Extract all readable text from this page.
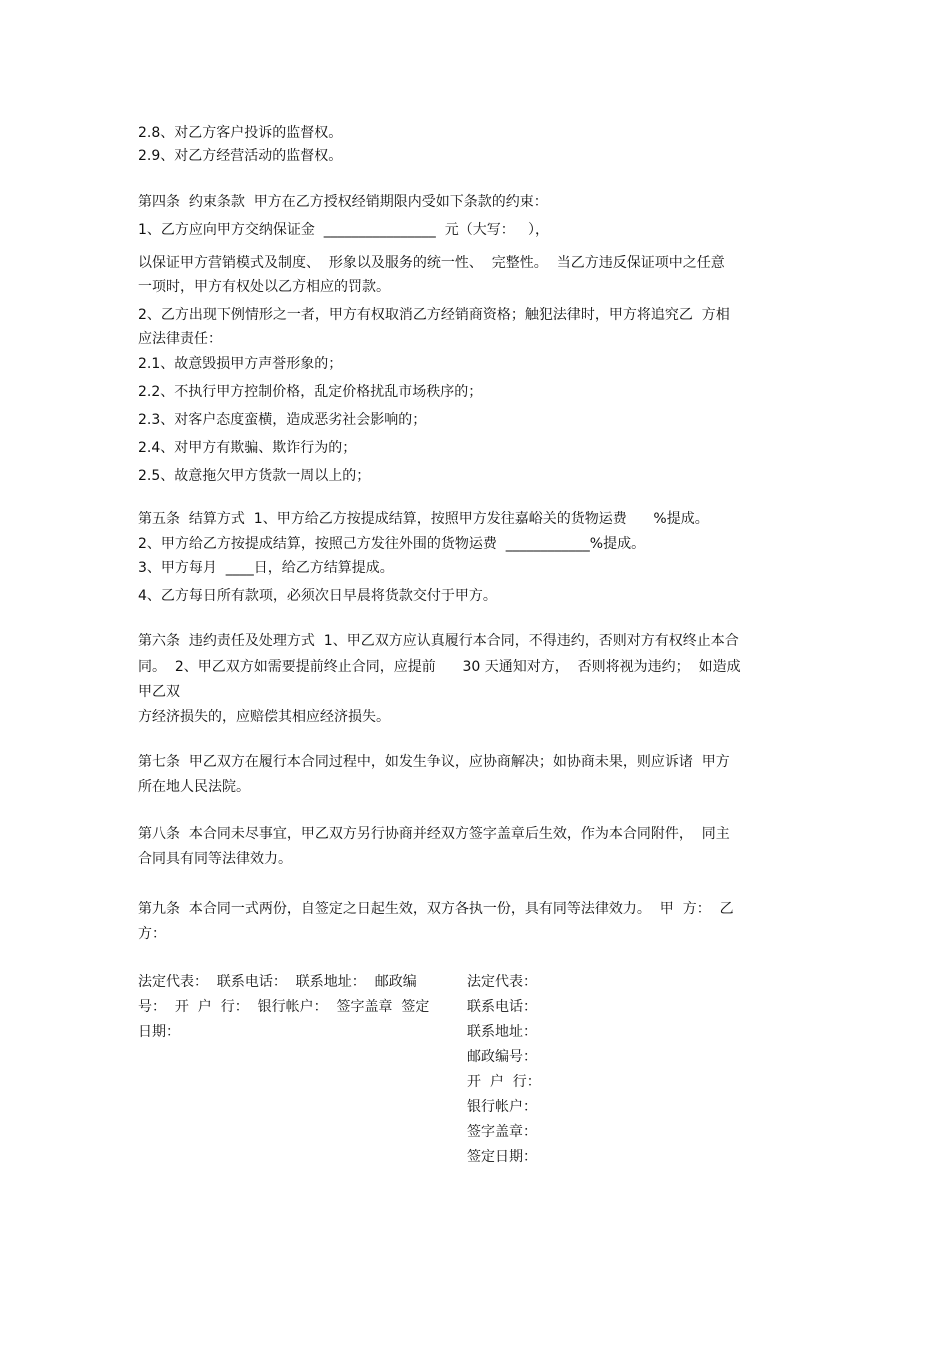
2.8、对乙方客户投诉的监督权。
2.9、对乙方经营活动的监督权。
第四条  约束条款  甲方在乙方授权经销期限内受如下条款的约束：
1、乙方应向甲方交纳保证金  ________________  元（大写：   ），
以保证甲方营销模式及制度、  形象以及服务的统一性、  完整性。  当乙方违反保证项中之任意
一项时，甲方有权处以乙方相应的罚款。
2、乙方出现下例情形之一者，甲方有权取消乙方经销商资格；触犯法律时，甲方将追究乙  方相
应法律责任：
2.1、故意毁损甲方声誉形象的；
2.2、不执行甲方控制价格，乱定价格扰乱市场秩序的；
2.3、对客户态度蛮横，造成恶劣社会影响的；
2.4、对甲方有欺骗、欺诈行为的；
2.5、故意拖欠甲方货款一周以上的；
第五条  结算方式  1、甲方给乙方按提成结算，按照甲方发往嘉峪关的货物运费      %提成。
2、甲方给乙方按提成结算，按照己方发往外围的货物运费  ____________%提成。
3、甲方每月  ____日，给乙方结算提成。
4、乙方每日所有款项，必须次日早晨将货款交付于甲方。
第六条  违约责任及处理方式  1、甲乙双方应认真履行本合同，不得违约，否则对方有权终止本合
同。  2、甲乙双方如需要提前终止合同，应提前      30 天通知对方，  否则将视为违约；  如造成
甲乙双
方经济损失的，应赔偿其相应经济损失。
第七条  甲乙双方在履行本合同过程中，如发生争议，应协商解决；如协商未果，则应诉诸  甲方
所在地人民法院。
第八条  本合同未尽事宜，甲乙双方另行协商并经双方签字盖章后生效，作为本合同附件，  同主
合同具有同等法律效力。
第九条  本合同一式两份，自签定之日起生效，双方各执一份，具有同等法律效力。  甲  方：  乙
方：
法定代表：  联系电话：  联系地址：  邮政编
号：  开  户  行：  银行帐户：  签字盖章  签定
日期：
法定代表：
联系电话：
联系地址：
邮政编号：
开  户  行：
银行帐户：
签字盖章：
签定日期：
